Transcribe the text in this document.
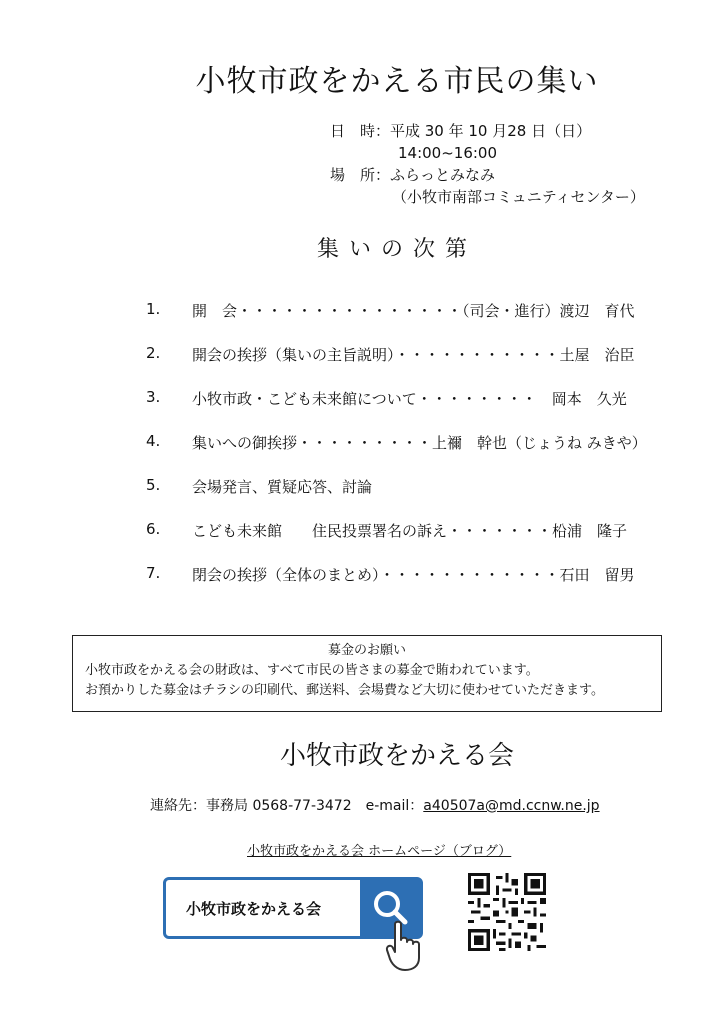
小牧市政をかえる市民の集い
日　時：平成 30 年 10 月28 日（日）
14:00~16:00
場　所：ふらっとみなみ
（小牧市南部コミュニティセンター）
集いの次第
1.	開　会・・・・・・・・・・・・・・・（司会・進行）渡辺　育代
2.	開会の挨拶（集いの主旨説明）・・・・・・・・・・・土屋　治臣
3.	小牧市政・こども未来館について・・・・・・・・　岡本　久光
4.	集いへの御挨拶・・・・・・・・・上禰　幹也（じょうね みきや）
5.	会場発言、質疑応答、討論
6.	こども未来館　　住民投票署名の訴え・・・・・・・柗浦　隆子
7.	閉会の挨拶（全体のまとめ）・・・・・・・・・・・・石田　留男
募金のお願い
小牧市政をかえる会の財政は、すべて市民の皆さまの募金で賄われています。
お預かりした募金はチラシの印刷代、郵送料、会場費など大切に使わせていただきます。
小牧市政をかえる会
連絡先：事務局 0568-77-3472　e-mail：a40507a@md.ccnw.ne.jp
小牧市政をかえる会 ホームページ（ブログ）
小牧市政をかえる会
